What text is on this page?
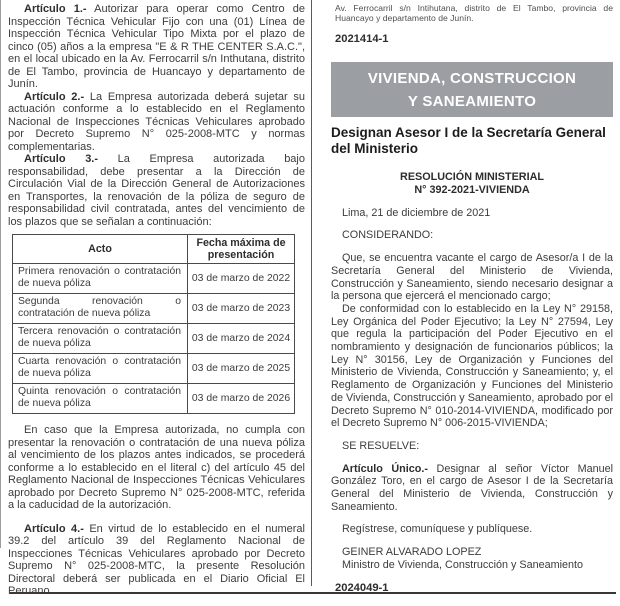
Artículo 1.- Autorizar para operar como Centro de Inspección Técnica Vehicular Fijo con una (01) Línea de Inspección Técnica Vehicular Tipo Mixta por el plazo de cinco (05) años a la empresa "E & R THE CENTER S.A.C.", en el local ubicado en la Av. Ferrocarril s/n Inthutana, distrito de El Tambo, provincia de Huancayo y departamento de Junín.

Artículo 2.- La Empresa autorizada deberá sujetar su actuación conforme a lo establecido en el Reglamento Nacional de Inspecciones Técnicas Vehiculares aprobado por Decreto Supremo N° 025-2008-MTC y normas complementarias.

Artículo 3.- La Empresa autorizada bajo responsabilidad, debe presentar a la Dirección de Circulación Vial de la Dirección General de Autorizaciones en Transportes, la renovación de la póliza de seguro de responsabilidad civil contratada, antes del vencimiento de los plazos que se señalan a continuación:

Acto	Fecha máxima de presentación
Primera renovación o contratación de nueva póliza	03 de marzo de 2022
Segunda renovación o contratación de nueva póliza	03 de marzo de 2023
Tercera renovación o contratación de nueva póliza	03 de marzo de 2024
Cuarta renovación o contratación de nueva póliza	03 de marzo de 2025
Quinta renovación o contratación de nueva póliza	03 de marzo de 2026

En caso que la Empresa autorizada, no cumpla con presentar la renovación o contratación de una nueva póliza al vencimiento de los plazos antes indicados, se procederá conforme a lo establecido en el literal c) del artículo 45 del Reglamento Nacional de Inspecciones Técnicas Vehiculares aprobado por Decreto Supremo N° 025-2008-MTC, referida a la caducidad de la autorización.

Artículo 4.- En virtud de lo establecido en el numeral 39.2 del artículo 39 del Reglamento Nacional de Inspecciones Técnicas Vehiculares aprobado por Decreto Supremo N° 025-2008-MTC, la presente Resolución Directoral deberá ser publicada en el Diario Oficial El Peruano.

Av. Ferrocarril s/n Intihutana, distrito de El Tambo, provincia de Huancayo y departamento de Junín.

2021414-1

VIVIENDA, CONSTRUCCION
Y SANEAMIENTO
Designan Asesor I de la Secretaría General del Ministerio
RESOLUCIÓN MINISTERIAL
N° 392-2021-VIVIENDA

Lima, 21 de diciembre de 2021

CONSIDERANDO:

Que, se encuentra vacante el cargo de Asesor/a I de la Secretaría General del Ministerio de Vivienda, Construcción y Saneamiento, siendo necesario designar a la persona que ejercerá el mencionado cargo;

De conformidad con lo establecido en la Ley N° 29158, Ley Orgánica del Poder Ejecutivo; la Ley N° 27594, Ley que regula la participación del Poder Ejecutivo en el nombramiento y designación de funcionarios públicos; la Ley N° 30156, Ley de Organización y Funciones del Ministerio de Vivienda, Construcción y Saneamiento; y, el Reglamento de Organización y Funciones del Ministerio de Vivienda, Construcción y Saneamiento, aprobado por el Decreto Supremo N° 010-2014-VIVIENDA, modificado por el Decreto Supremo N° 006-2015-VIVIENDA;

SE RESUELVE:

Artículo Único.- Designar al señor Víctor Manuel González Toro, en el cargo de Asesor I de la Secretaría General del Ministerio de Vivienda, Construcción y Saneamiento.

Regístrese, comuníquese y publíquese.

GEINER ALVARADO LOPEZ
Ministro de Vivienda, Construcción y Saneamiento

2024049-1
